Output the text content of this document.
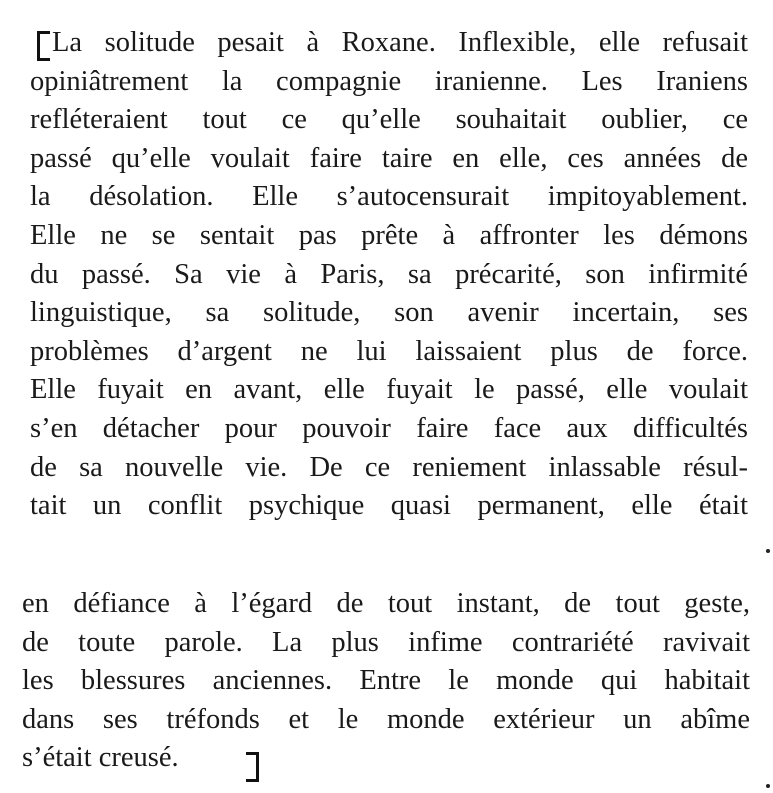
La solitude pesait à Roxane. Inflexible, elle refusait
opiniâtrement la compagnie iranienne. Les Iraniens
refléteraient tout ce qu’elle souhaitait oublier, ce
passé qu’elle voulait faire taire en elle, ces années de
la désolation. Elle s’autocensurait impitoyablement.
Elle ne se sentait pas prête à affronter les démons
du passé. Sa vie à Paris, sa précarité, son infirmité
linguistique, sa solitude, son avenir incertain, ses
problèmes d’argent ne lui laissaient plus de force.
Elle fuyait en avant, elle fuyait le passé, elle voulait
s’en détacher pour pouvoir faire face aux difficultés
de sa nouvelle vie. De ce reniement inlassable résul-
tait un conflit psychique quasi permanent, elle était
en défiance à l’égard de tout instant, de tout geste,
de toute parole. La plus infime contrariété ravivait
les blessures anciennes. Entre le monde qui habitait
dans ses tréfonds et le monde extérieur un abîme
s’était creusé.
